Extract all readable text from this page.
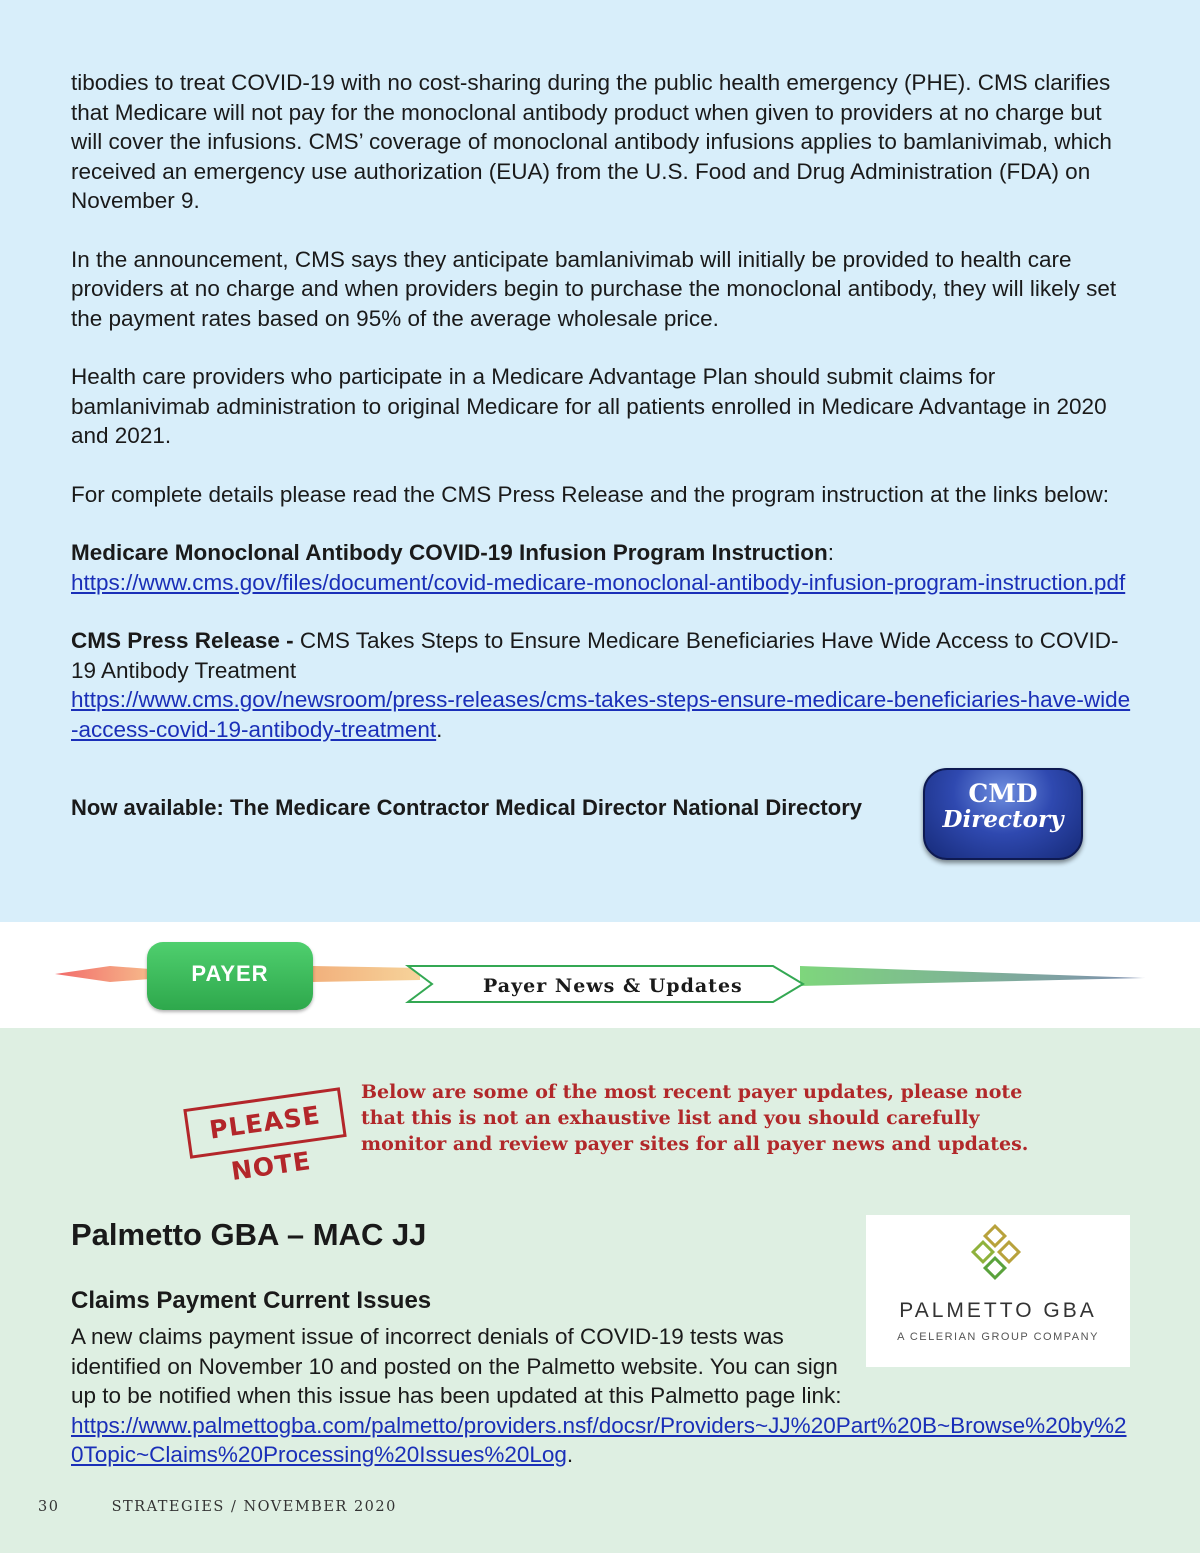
tibodies to treat COVID-19 with no cost-sharing during the public health emergency (PHE). CMS clarifies that Medicare will not pay for the monoclonal antibody product when given to providers at no charge but will cover the infusions. CMS’ coverage of monoclonal antibody infusions applies to bamlanivimab, which received an emergency use authorization (EUA) from the U.S. Food and Drug Administration (FDA) on November 9.

In the announcement, CMS says they anticipate bamlanivimab will initially be provided to health care providers at no charge and when providers begin to purchase the monoclonal antibody, they will likely set the payment rates based on 95% of the average wholesale price.

Health care providers who participate in a Medicare Advantage Plan should submit claims for bamlanivimab administration to original Medicare for all patients enrolled in Medicare Advantage in 2020 and 2021.

For complete details please read the CMS Press Release and the program instruction at the links below:

Medicare Monoclonal Antibody COVID-19 Infusion Program Instruction:
https://www.cms.gov/files/document/covid-medicare-monoclonal-antibody-infusion-program-instruction.pdf

CMS Press Release - CMS Takes Steps to Ensure Medicare Beneficiaries Have Wide Access to COVID-19 Antibody Treatment
https://www.cms.gov/newsroom/press-releases/cms-takes-steps-ensure-medicare-beneficiaries-have-wide-access-covid-19-antibody-treatment.

Now available: The Medicare Contractor Medical Director National Directory	CMD
Directory
PAYER	Payer News & Updates
PLEASE NOTE
Below are some of the most recent payer updates, please note that this is not an exhaustive list and you should carefully monitor and review payer sites for all payer news and updates.
Palmetto GBA – MAC JJ
Claims Payment Current Issues
A new claims payment issue of incorrect denials of COVID-19 tests was identified on November 10 and posted on the Palmetto website. You can sign up to be notified when this issue has been updated at this Palmetto page link:
https://www.palmettogba.com/palmetto/providers.nsf/docsr/Providers~JJ%20Part%20B~Browse%20by%20Topic~Claims%20Processing%20Issues%20Log.
PALMETTO GBA
A CELERIAN GROUP COMPANY
30	STRATEGIES / NOVEMBER 2020
